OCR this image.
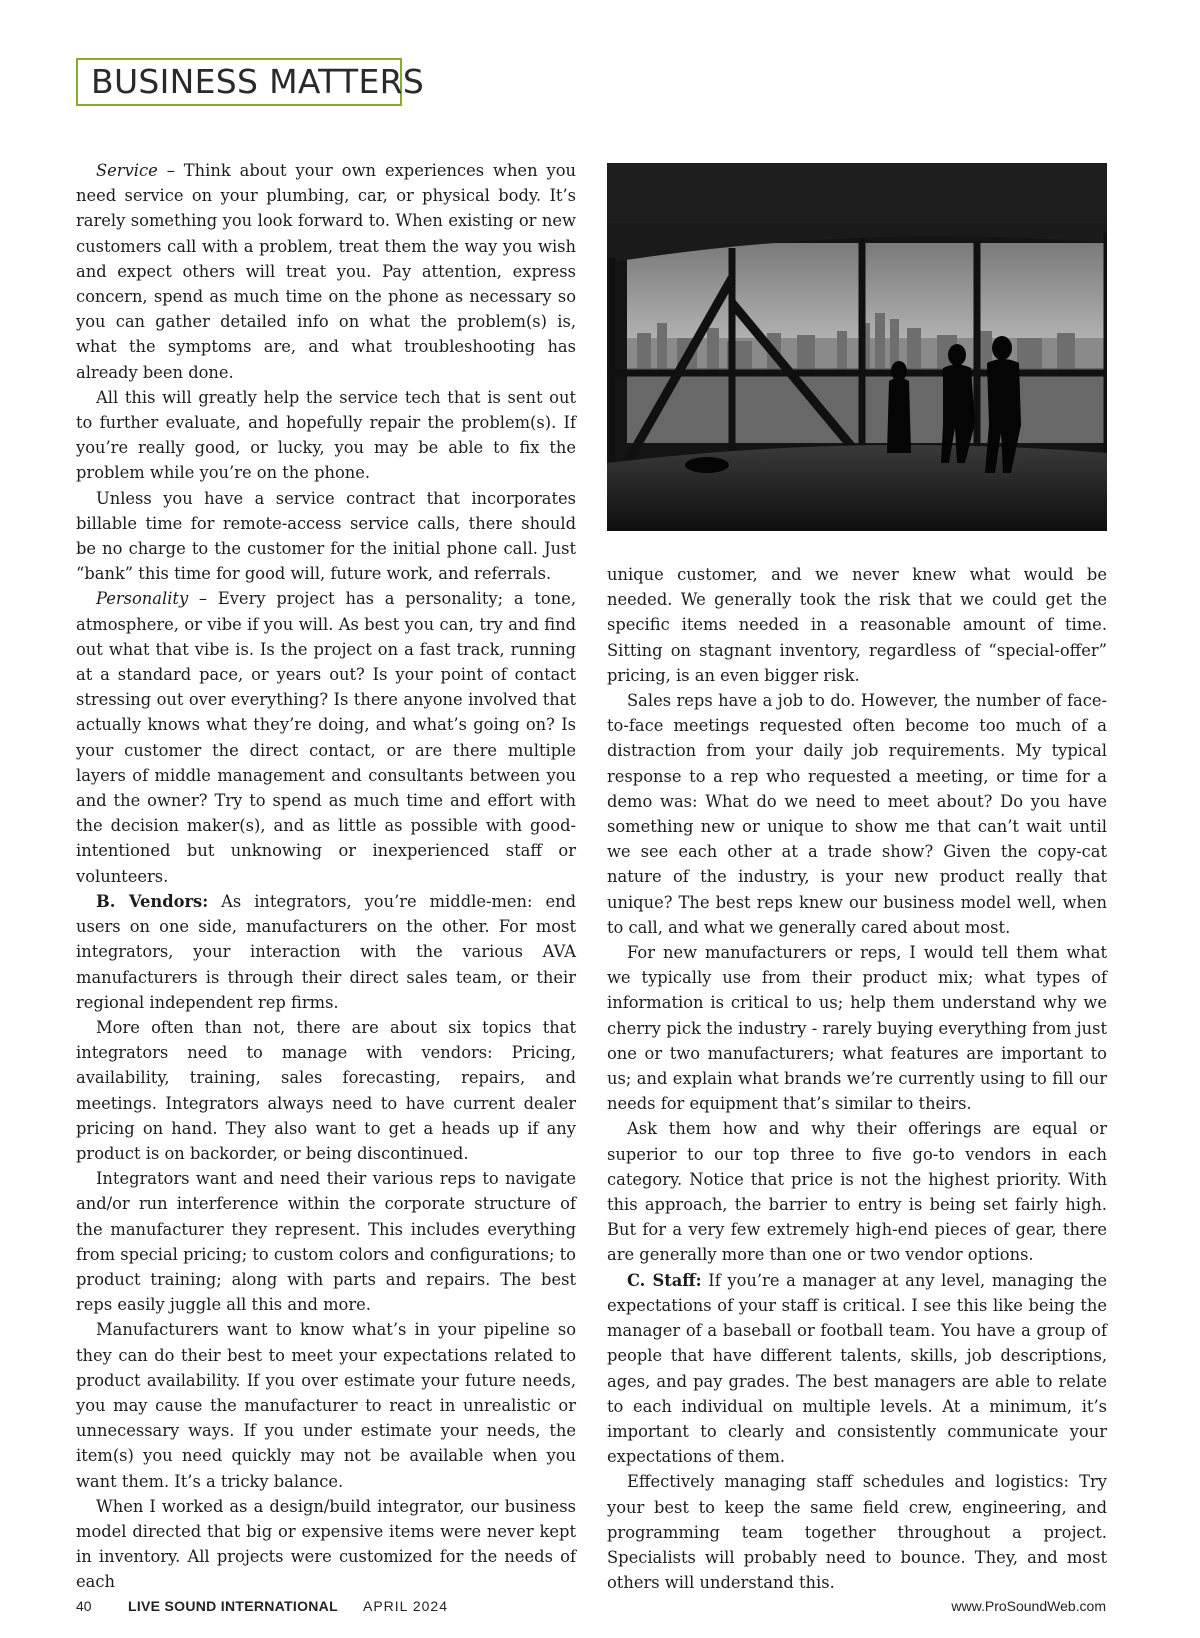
BUSINESS MATTERS

Service – Think about your own experiences when you need service on your plumbing, car, or physical body. It’s rarely something you look forward to. When existing or new customers call with a problem, treat them the way you wish and expect others will treat you. Pay attention, express concern, spend as much time on the phone as necessary so you can gather detailed info on what the problem(s) is, what the symptoms are, and what troubleshooting has already been done.

All this will greatly help the service tech that is sent out to further evaluate, and hopefully repair the problem(s). If you’re really good, or lucky, you may be able to fix the problem while you’re on the phone.

Unless you have a service contract that incorporates billable time for remote-access service calls, there should be no charge to the customer for the initial phone call. Just “bank” this time for good will, future work, and referrals.

Personality – Every project has a personality; a tone, atmosphere, or vibe if you will. As best you can, try and find out what that vibe is. Is the project on a fast track, running at a standard pace, or years out? Is your point of contact stressing out over everything? Is there anyone involved that actually knows what they’re doing, and what’s going on? Is your customer the direct contact, or are there multiple layers of middle management and consultants between you and the owner? Try to spend as much time and effort with the decision maker(s), and as little as possible with good-intentioned but unknowing or inexperienced staff or volunteers.

B. Vendors: As integrators, you’re middle-men: end users on one side, manufacturers on the other. For most integrators, your interaction with the various AVA manufacturers is through their direct sales team, or their regional independent rep firms.

More often than not, there are about six topics that integrators need to manage with vendors: Pricing, availability, training, sales forecasting, repairs, and meetings. Integrators always need to have current dealer pricing on hand. They also want to get a heads up if any product is on backorder, or being discontinued.

Integrators want and need their various reps to navigate and/or run interference within the corporate structure of the manufacturer they represent. This includes everything from special pricing; to custom colors and configurations; to product training; along with parts and repairs. The best reps easily juggle all this and more.

Manufacturers want to know what’s in your pipeline so they can do their best to meet your expectations related to product availability. If you over estimate your future needs, you may cause the manufacturer to react in unrealistic or unnecessary ways. If you under estimate your needs, the item(s) you need quickly may not be available when you want them. It’s a tricky balance.

When I worked as a design/build integrator, our business model directed that big or expensive items were never kept in inventory. All projects were customized for the needs of each

unique customer, and we never knew what would be needed. We generally took the risk that we could get the specific items needed in a reasonable amount of time. Sitting on stagnant inventory, regardless of “special-offer” pricing, is an even bigger risk.

Sales reps have a job to do. However, the number of face-to-face meetings requested often become too much of a distraction from your daily job requirements. My typical response to a rep who requested a meeting, or time for a demo was: What do we need to meet about? Do you have something new or unique to show me that can’t wait until we see each other at a trade show? Given the copy-cat nature of the industry, is your new product really that unique? The best reps knew our business model well, when to call, and what we generally cared about most.

For new manufacturers or reps, I would tell them what we typically use from their product mix; what types of information is critical to us; help them understand why we cherry pick the industry - rarely buying everything from just one or two manufacturers; what features are important to us; and explain what brands we’re currently using to fill our needs for equipment that’s similar to theirs.

Ask them how and why their offerings are equal or superior to our top three to five go-to vendors in each category. Notice that price is not the highest priority. With this approach, the barrier to entry is being set fairly high. But for a very few extremely high-end pieces of gear, there are generally more than one or two vendor options.

C. Staff: If you’re a manager at any level, managing the expectations of your staff is critical. I see this like being the manager of a baseball or football team. You have a group of people that have different talents, skills, job descriptions, ages, and pay grades. The best managers are able to relate to each individual on multiple levels. At a minimum, it’s important to clearly and consistently communicate your expectations of them.

Effectively managing staff schedules and logistics: Try your best to keep the same field crew, engineering, and programming team together throughout a project. Specialists will probably need to bounce. They, and most others will understand this.

40	LIVE SOUND INTERNATIONAL APRIL 2024	www.ProSoundWeb.com
